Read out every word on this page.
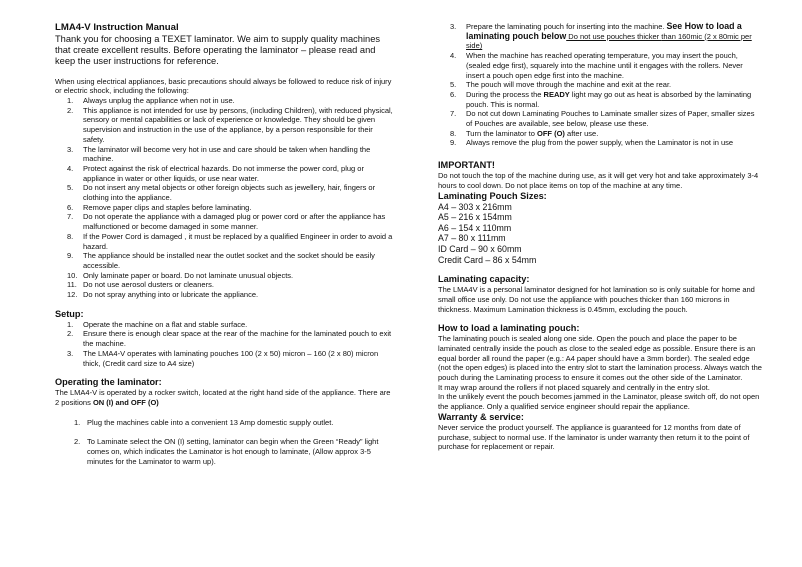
LMA4-V Instruction Manual
Thank you for choosing a TEXET laminator. We aim to supply quality machines that create excellent results. Before operating the laminator – please read and keep the user instructions for reference.
When using electrical appliances, basic precautions should always be followed to reduce risk of injury or electric shock, including the following:
1. Always unplug the appliance when not in use.
2. This appliance is not intended for use by persons, (including Children), with reduced physical, sensory or mental capabilities or lack of experience or knowledge. They should be given supervision and instruction in the use of the appliance, by a person responsible for their safety.
3. The laminator will become very hot in use and care should be taken when handling the machine.
4. Protect against the risk of electrical hazards. Do not immerse the power cord, plug or appliance in water or other liquids, or use near water.
5. Do not insert any metal objects or other foreign objects such as jewellery, hair, fingers or clothing into the appliance.
6. Remove paper clips and staples before laminating.
7. Do not operate the appliance with a damaged plug or power cord or after the appliance has malfunctioned or become damaged in some manner.
8. If the Power Cord is damaged , it must be replaced by a qualified Engineer in order to avoid a hazard.
9. The appliance should be installed near the outlet socket and the socket should be easily accessible.
10. Only laminate paper or board. Do not laminate unusual objects.
11. Do not use aerosol dusters or cleaners.
12. Do not spray anything into or lubricate the appliance.
Setup:
1. Operate the machine on a flat and stable surface.
2. Ensure there is enough clear space at the rear of the machine for the laminated pouch to exit the machine.
3. The LMA4-V operates with laminating pouches 100 (2 x 50) micron – 160 (2 x 80) micron thick, (Credit card size to A4 size)
Operating the laminator:
The LMA4-V is operated by a rocker switch, located at the right hand side of the appliance. There are 2 positions ON (I) and OFF (O)
1. Plug the machines cable into a convenient 13 Amp domestic supply outlet.
2. To Laminate select the ON (I) setting, laminator can begin when the Green “Ready” light comes on, which indicates the Laminator is hot enough to laminate, (Allow approx 3-5 minutes for the Laminator to warm up).
3. Prepare the laminating pouch for inserting into the machine. See How to load a laminating pouch below Do not use pouches thicker than 160mic (2 x 80mic per side)
4. When the machine has reached operating temperature, you may insert the pouch, (sealed edge first), squarely into the machine until it engages with the rollers. Never insert a pouch open edge first into the machine.
5. The pouch will move through the machine and exit at the rear.
6. During the process the READY light may go out as heat is absorbed by the laminating pouch. This is normal.
7. Do not cut down Laminating Pouches to Laminate smaller sizes of Paper, smaller sizes of Pouches are available, see below, please use these.
8. Turn the laminator to OFF (O) after use.
9. Always remove the plug from the power supply, when the Laminator is not in use
IMPORTANT!
Do not touch the top of the machine during use, as it will get very hot and take approximately 3-4 hours to cool down. Do not place items on top of the machine at any time.
Laminating Pouch Sizes:
A4 – 303 x 216mm
A5 – 216 x 154mm
A6 – 154 x 110mm
A7 – 80 x 111mm
ID Card – 90 x 60mm
Credit Card – 86 x 54mm
Laminating capacity:
The LMA4V is a personal laminator designed for hot lamination so is only suitable for home and small office use only. Do not use the appliance with pouches thicker than 160 microns in thickness. Maximum Lamination thickness is 0.45mm, excluding the pouch.
How to load a laminating pouch:
The laminating pouch is sealed along one side. Open the pouch and place the paper to be laminated centrally inside the pouch as close to the sealed edge as possible. Ensure there is an equal border all round the paper (e.g.: A4 paper should have a 3mm border). The sealed edge (not the open edges) is placed into the entry slot to start the lamination process. Always watch the pouch during the Laminating process to ensure it comes out the other side of the Laminator.
It may wrap around the rollers if not placed squarely and centrally in the entry slot.
In the unlikely event the pouch becomes jammed in the Laminator, please switch off, do not open the appliance. Only a qualified service engineer should repair the appliance.
Warranty & service:
Never service the product yourself. The appliance is guaranteed for 12 months from date of purchase, subject to normal use. If the laminator is under warranty then return it to the point of purchase for replacement or repair.
